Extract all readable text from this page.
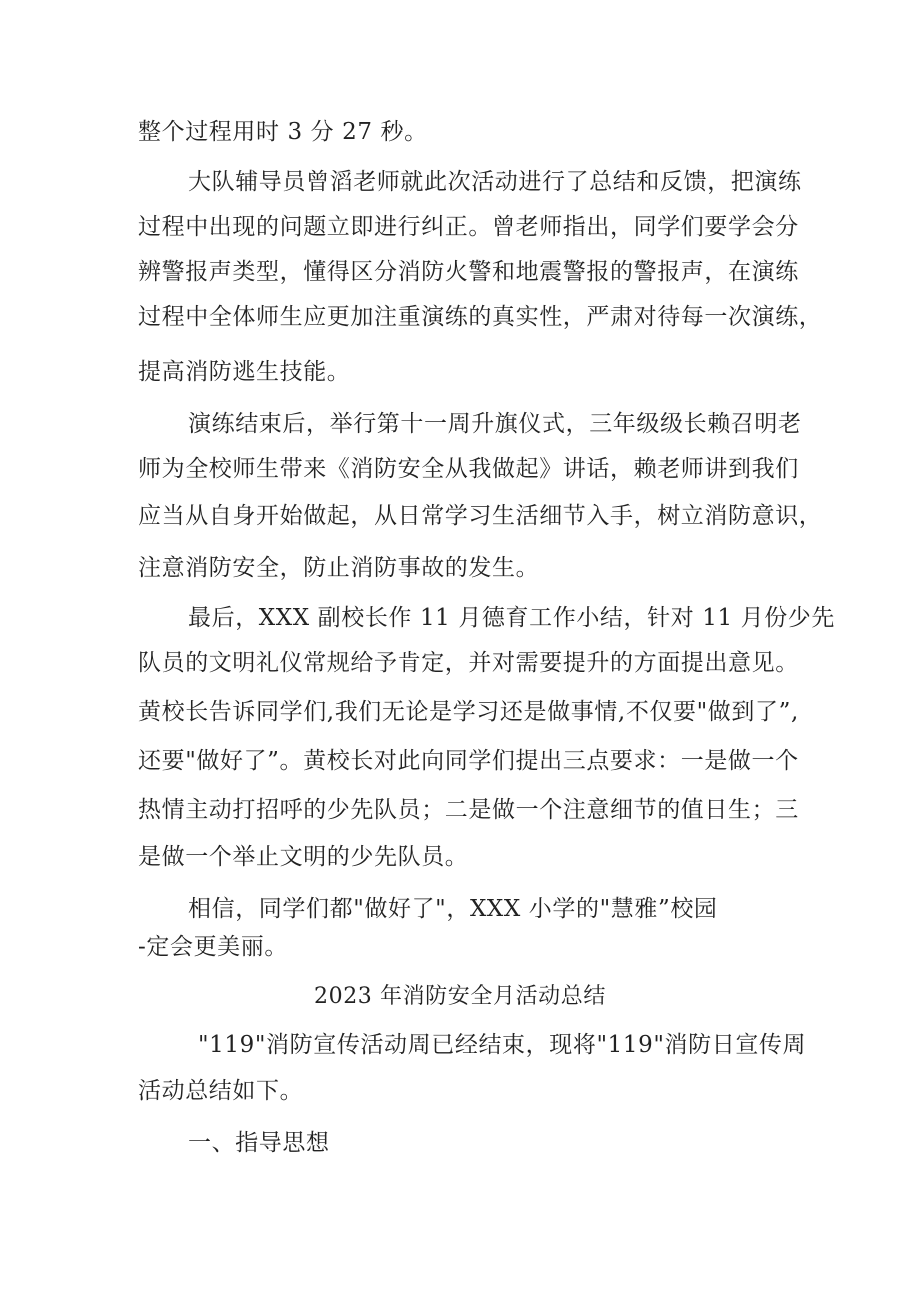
整个过程用时 3 分 27 秒。
大队辅导员曾滔老师就此次活动进行了总结和反馈，把演练
过程中出现的问题立即进行纠正。曾老师指出，同学们要学会分
辨警报声类型，懂得区分消防火警和地震警报的警报声，在演练
过程中全体师生应更加注重演练的真实性，严肃对待每一次演练，
提高消防逃生技能。
演练结束后，举行第十一周升旗仪式，三年级级长赖召明老
师为全校师生带来《消防安全从我做起》讲话，赖老师讲到我们
应当从自身开始做起，从日常学习生活细节入手，树立消防意识，
注意消防安全，防止消防事故的发生。
最后，XXX 副校长作 11 月德育工作小结，针对 11 月份少先
队员的文明礼仪常规给予肯定，并对需要提升的方面提出意见。
黄校长告诉同学们,我们无论是学习还是做事情,不仅要"做到了”,
还要"做好了”。黄校长对此向同学们提出三点要求：一是做一个
热情主动打招呼的少先队员；二是做一个注意细节的值日生；三
是做一个举止文明的少先队员。
相信，同学们都"做好了"，XXX 小学的"慧雅”校园
-定会更美丽。
2023 年消防安全月活动总结
"119"消防宣传活动周已经结束，现将"119"消防日宣传周
活动总结如下。
一、指导思想
